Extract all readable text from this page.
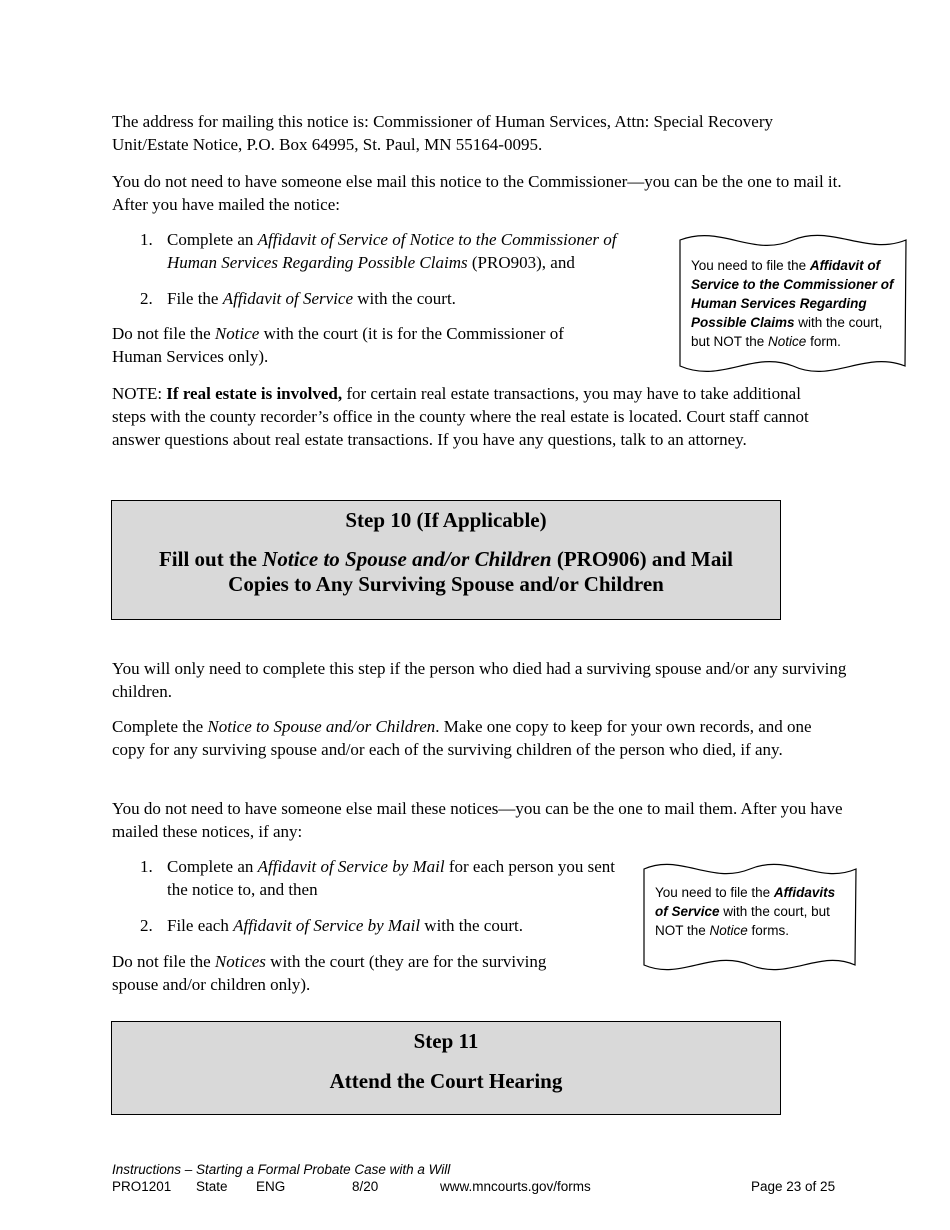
The address for mailing this notice is: Commissioner of Human Services, Attn: Special Recovery Unit/Estate Notice, P.O. Box 64995, St. Paul, MN 55164-0095.

You do not need to have someone else mail this notice to the Commissioner—you can be the one to mail it. After you have mailed the notice:

1. Complete an Affidavit of Service of Notice to the Commissioner of Human Services Regarding Possible Claims (PRO903), and
2. File the Affidavit of Service with the court.

Do not file the Notice with the court (it is for the Commissioner of Human Services only).

NOTE: If real estate is involved, for certain real estate transactions, you may have to take additional steps with the county recorder’s office in the county where the real estate is located. Court staff cannot answer questions about real estate transactions. If you have any questions, talk to an attorney.

You need to file the Affidavit of Service to the Commissioner of Human Services Regarding Possible Claims with the court, but NOT the Notice form.
Step 10 (If Applicable)
Fill out the Notice to Spouse and/or Children (PRO906) and Mail Copies to Any Surviving Spouse and/or Children

You will only need to complete this step if the person who died had a surviving spouse and/or any surviving children.

Complete the Notice to Spouse and/or Children. Make one copy to keep for your own records, and one copy for any surviving spouse and/or each of the surviving children of the person who died, if any.

You do not need to have someone else mail these notices—you can be the one to mail them. After you have mailed these notices, if any:

1. Complete an Affidavit of Service by Mail for each person you sent the notice to, and then
2. File each Affidavit of Service by Mail with the court.

Do not file the Notices with the court (they are for the surviving spouse and/or children only).

You need to file the Affidavits of Service with the court, but NOT the Notice forms.
Step 11
Attend the Court Hearing
Instructions – Starting a Formal Probate Case with a Will
PRO1201 State ENG	8/20	www.mncourts.gov/forms	Page 23 of 25
